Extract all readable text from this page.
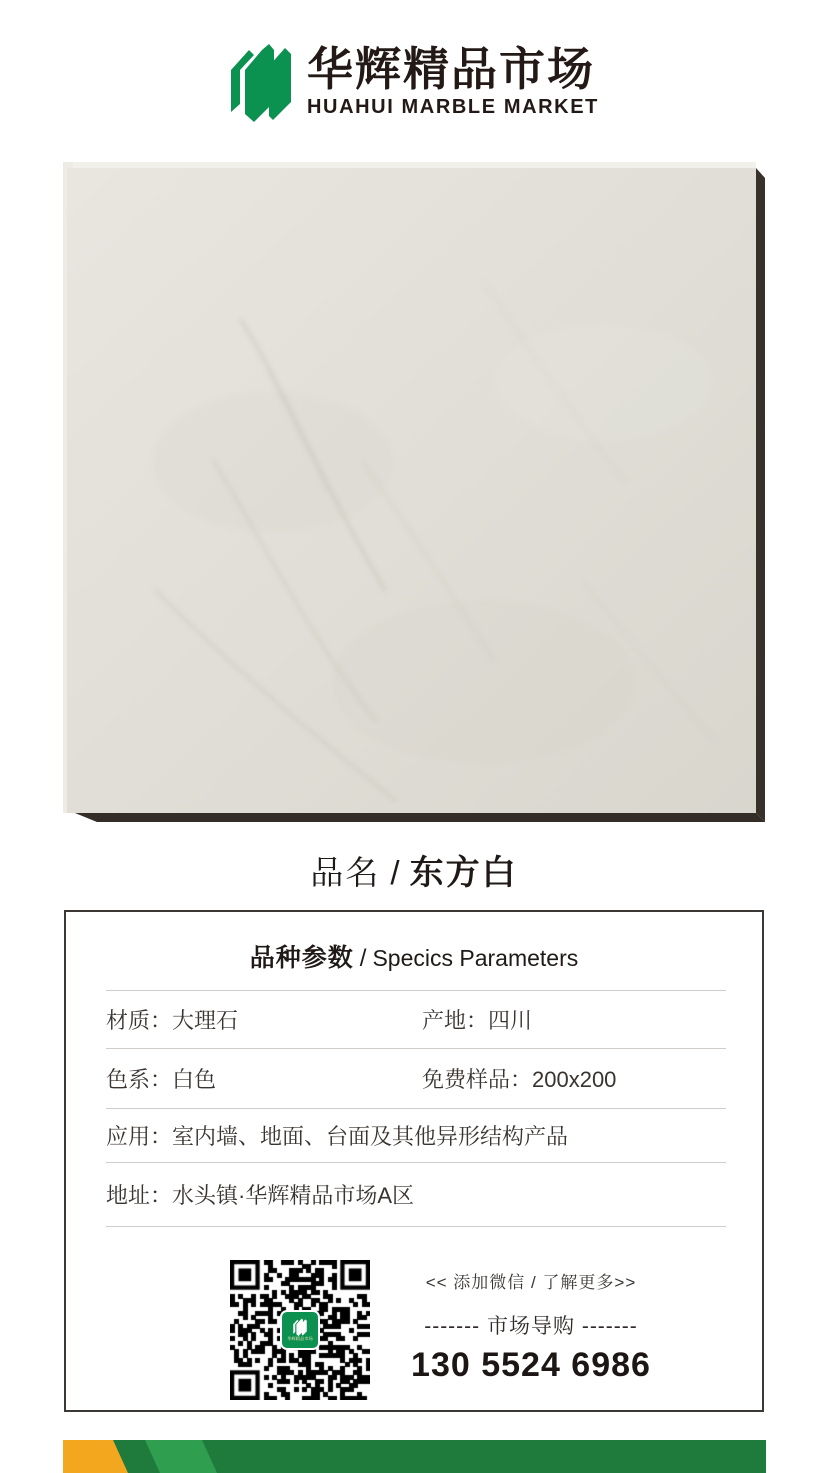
华辉精品市场
HUAHUI MARBLE MARKET
品名 / 东方白
品种参数 / Specics Parameters
材质：大理石	产地：四川
色系：白色	免费样品：200x200
应用：室内墙、地面、台面及其他异形结构产品
地址：水头镇·华辉精品市场A区
华辉精品市场
<< 添加微信 / 了解更多>>
------- 市场导购 -------
130 5524 6986
